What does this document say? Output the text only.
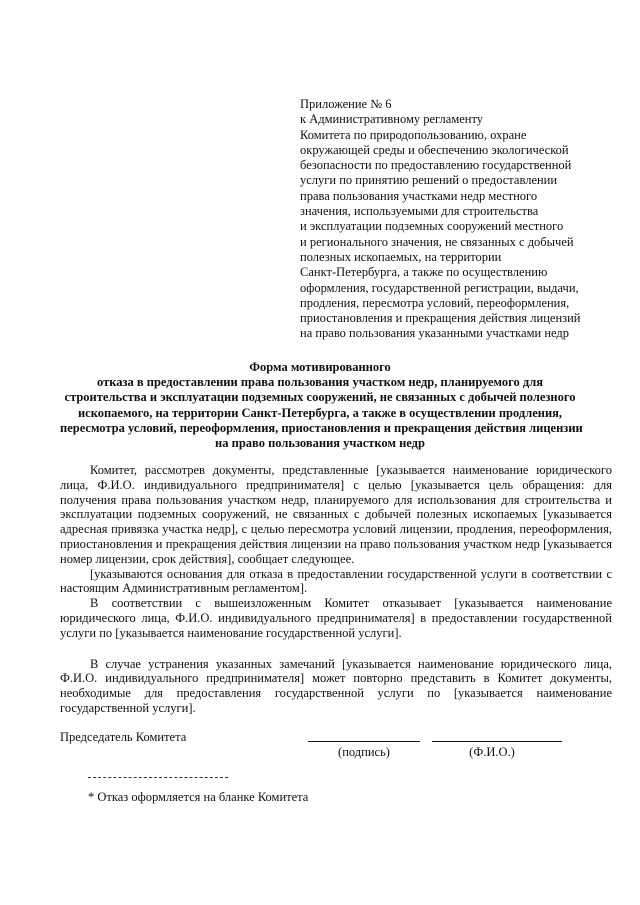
Приложение № 6
к Административному регламенту
Комитета по природопользованию, охране
окружающей среды и обеспечению экологической
безопасности по предоставлению государственной
услуги по принятию решений о предоставлении
права пользования участками недр местного
значения, используемыми для строительства
и эксплуатации подземных сооружений местного
и регионального значения, не связанных с добычей
полезных ископаемых, на территории
Санкт-Петербурга, а также по осуществлению
оформления, государственной регистрации, выдачи,
продления, пересмотра условий, переоформления,
приостановления и прекращения действия лицензий
на право пользования указанными участками недр
Форма мотивированного
отказа в предоставлении права пользования участком недр, планируемого для
строительства и эксплуатации подземных сооружений, не связанных с добычей полезного
ископаемого, на территории Санкт-Петербурга, а также в осуществлении продления,
пересмотра условий, переоформления, приостановления и прекращения действия лицензии
на право пользования участком недр

Комитет, рассмотрев документы, представленные [указывается наименование юридического лица, Ф.И.О. индивидуального предпринимателя] с целью [указывается цель обращения: для получения права пользования участком недр, планируемого для использования для строительства и эксплуатации подземных сооружений, не связанных с добычей полезных ископаемых [указывается адресная привязка участка недр], с целью пересмотра условий лицензии, продления, переоформления, приостановления и прекращения действия лицензии на право пользования участком недр [указывается номер лицензии, срок действия], сообщает следующее.

[указываются основания для отказа в предоставлении государственной услуги в соответствии с настоящим Административным регламентом].

В соответствии с вышеизложенным Комитет отказывает [указывается наименование юридического лица, Ф.И.О. индивидуального предпринимателя] в предоставлении государственной услуги по [указывается наименование государственной услуги].

В случае устранения указанных замечаний [указывается наименование юридического лица, Ф.И.О. индивидуального предпринимателя] может повторно представить в Комитет документы, необходимые для предоставления государственной услуги по [указывается наименование государственной услуги].

Председатель Комитета
(подпись)	(Ф.И.О.)
* Отказ оформляется на бланке Комитета
